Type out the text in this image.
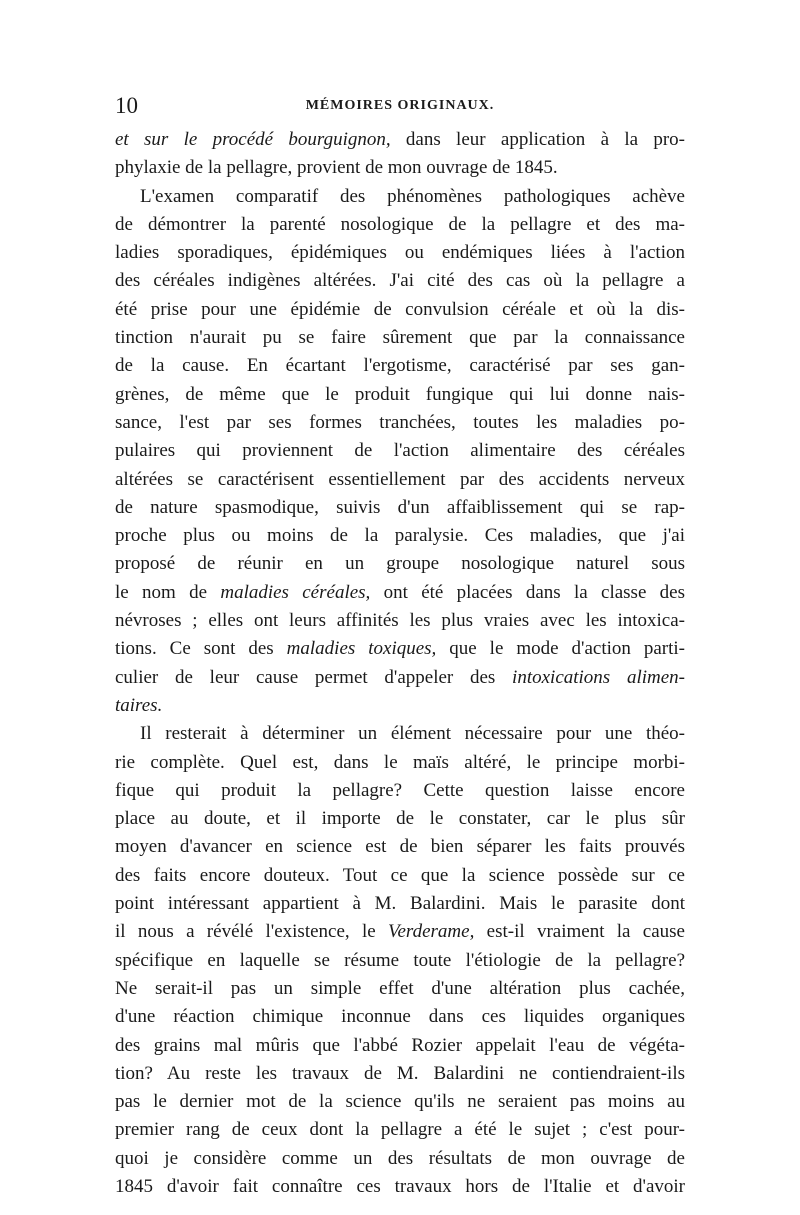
10	MÉMOIRES ORIGINAUX.
et sur le procédé bourguignon, dans leur application à la pro-
phylaxie de la pellagre, provient de mon ouvrage de 1845.
L'examen comparatif des phénomènes pathologiques achève
de démontrer la parenté nosologique de la pellagre et des ma-
ladies sporadiques, épidémiques ou endémiques liées à l'action
des céréales indigènes altérées. J'ai cité des cas où la pellagre a
été prise pour une épidémie de convulsion céréale et où la dis-
tinction n'aurait pu se faire sûrement que par la connaissance
de la cause. En écartant l'ergotisme, caractérisé par ses gan-
grènes, de même que le produit fungique qui lui donne nais-
sance, l'est par ses formes tranchées, toutes les maladies po-
pulaires qui proviennent de l'action alimentaire des céréales
altérées se caractérisent essentiellement par des accidents nerveux
de nature spasmodique, suivis d'un affaiblissement qui se rap-
proche plus ou moins de la paralysie. Ces maladies, que j'ai
proposé de réunir en un groupe nosologique naturel sous
le nom de maladies céréales, ont été placées dans la classe des
névroses ; elles ont leurs affinités les plus vraies avec les intoxica-
tions. Ce sont des maladies toxiques, que le mode d'action parti-
culier de leur cause permet d'appeler des intoxications alimen-
taires.
Il resterait à déterminer un élément nécessaire pour une théo-
rie complète. Quel est, dans le maïs altéré, le principe morbi-
fique qui produit la pellagre? Cette question laisse encore
place au doute, et il importe de le constater, car le plus sûr
moyen d'avancer en science est de bien séparer les faits prouvés
des faits encore douteux. Tout ce que la science possède sur ce
point intéressant appartient à M. Balardini. Mais le parasite dont
il nous a révélé l'existence, le Verderame, est-il vraiment la cause
spécifique en laquelle se résume toute l'étiologie de la pellagre?
Ne serait-il pas un simple effet d'une altération plus cachée,
d'une réaction chimique inconnue dans ces liquides organiques
des grains mal mûris que l'abbé Rozier appelait l'eau de végéta-
tion? Au reste les travaux de M. Balardini ne contiendraient-ils
pas le dernier mot de la science qu'ils ne seraient pas moins au
premier rang de ceux dont la pellagre a été le sujet ; c'est pour-
quoi je considère comme un des résultats de mon ouvrage de
1845 d'avoir fait connaître ces travaux hors de l'Italie et d'avoir
